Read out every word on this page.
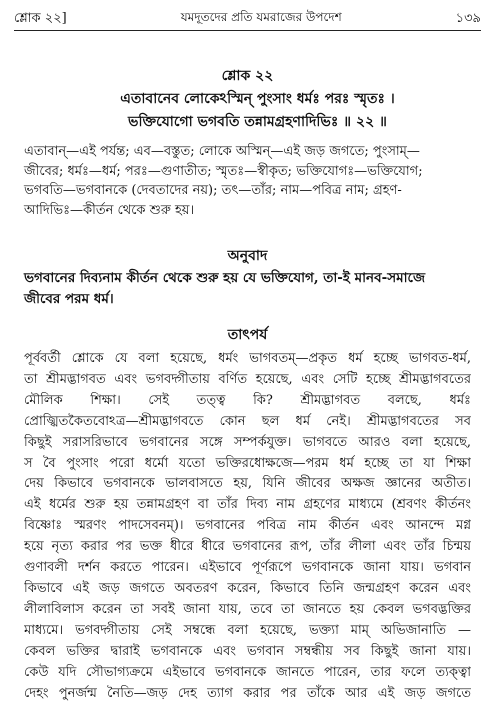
শ্লোক ২২]	যমদূতদের প্রতি যমরাজের উপদেশ	১৩৯
শ্লোক ২২
এতাবানেব লোকেঽস্মিন্ পুংসাং ধর্মঃ পরঃ স্মৃতঃ ।
ভক্তিযোগো ভগবতি তন্নামগ্রহণাদিভিঃ ॥ ২২ ॥
এতাবান্—এই পর্যন্ত; এব—বস্তুত; লোকে অস্মিন্—এই জড় জগতে; পুংসাম্—
জীবের; ধর্মঃ—ধর্ম; পরঃ—গুণাতীত; স্মৃতঃ—স্বীকৃত; ভক্তিযোগঃ—ভক্তিযোগ;
ভগবতি—ভগবানকে (দেবতাদের নয়); তৎ—তাঁর; নাম—পবিত্র নাম; গ্রহণ-
আদিভিঃ—কীর্তন থেকে শুরু হয়।
অনুবাদ
ভগবানের দিব্যনাম কীর্তন থেকে শুরু হয় যে ভক্তিযোগ, তা-ই মানব-সমাজে
জীবের পরম ধর্ম।
তাৎপর্য
পূর্ববর্তী শ্লোকে যে বলা হয়েছে, ধর্মং ভাগবতম্—প্রকৃত ধর্ম হচ্ছে ভাগবত-ধর্ম,
তা শ্রীমদ্ভাগবত এবং ভগবদ্গীতায় বর্ণিত হয়েছে, এবং সেটি হচ্ছে শ্রীমদ্ভাগবতের
মৌলিক শিক্ষা। সেই তত্ত্ব কি? শ্রীমদ্ভাগবত বলছে, ধর্মঃ
প্রোজ্ঝিতকৈতবোঽত্র—শ্রীমদ্ভাগবতে কোন ছল ধর্ম নেই। শ্রীমদ্ভাগবতের সব
কিছুই সরাসরিভাবে ভগবানের সঙ্গে সম্পর্কযুক্ত। ভাগবতে আরও বলা হয়েছে,
স বৈ পুংসাং পরো ধর্মো যতো ভক্তিরধোক্ষজে—পরম ধর্ম হচ্ছে তা যা শিক্ষা
দেয় কিভাবে ভগবানকে ভালবাসতে হয়, যিনি জীবের অক্ষজ জ্ঞানের অতীত।
এই ধর্মের শুরু হয় তন্নামগ্রহণ বা তাঁর দিব্য নাম গ্রহণের মাধ্যমে (শ্রবণং কীর্তনং
বিষ্ণোঃ স্মরণং পাদসেবনম্)। ভগবানের পবিত্র নাম কীর্তন এবং আনন্দে মগ্ন
হয়ে নৃত্য করার পর ভক্ত ধীরে ধীরে ভগবানের রূপ, তাঁর লীলা এবং তাঁর চিন্ময়
গুণাবলী দর্শন করতে পারেন। এইভাবে পূর্ণরূপে ভগবানকে জানা যায়। ভগবান
কিভাবে এই জড় জগতে অবতরণ করেন, কিভাবে তিনি জন্মগ্রহণ করেন এবং
লীলাবিলাস করেন তা সবই জানা যায়, তবে তা জানতে হয় কেবল ভগবদ্ভক্তির
মাধ্যমে। ভগবদ্গীতায় সেই সম্বন্ধে বলা হয়েছে, ভক্ত্যা মাম্ অভিজানাতি —
কেবল ভক্তির দ্বারাই ভগবানকে এবং ভগবান সম্বন্ধীয় সব কিছুই জানা যায়।
কেউ যদি সৌভাগ্যক্রমে এইভাবে ভগবানকে জানতে পারেন, তার ফলে ত্যক্ত্বা
দেহং পুনর্জন্ম নৈতি—জড় দেহ ত্যাগ করার পর তাঁকে আর এই জড় জগতে
